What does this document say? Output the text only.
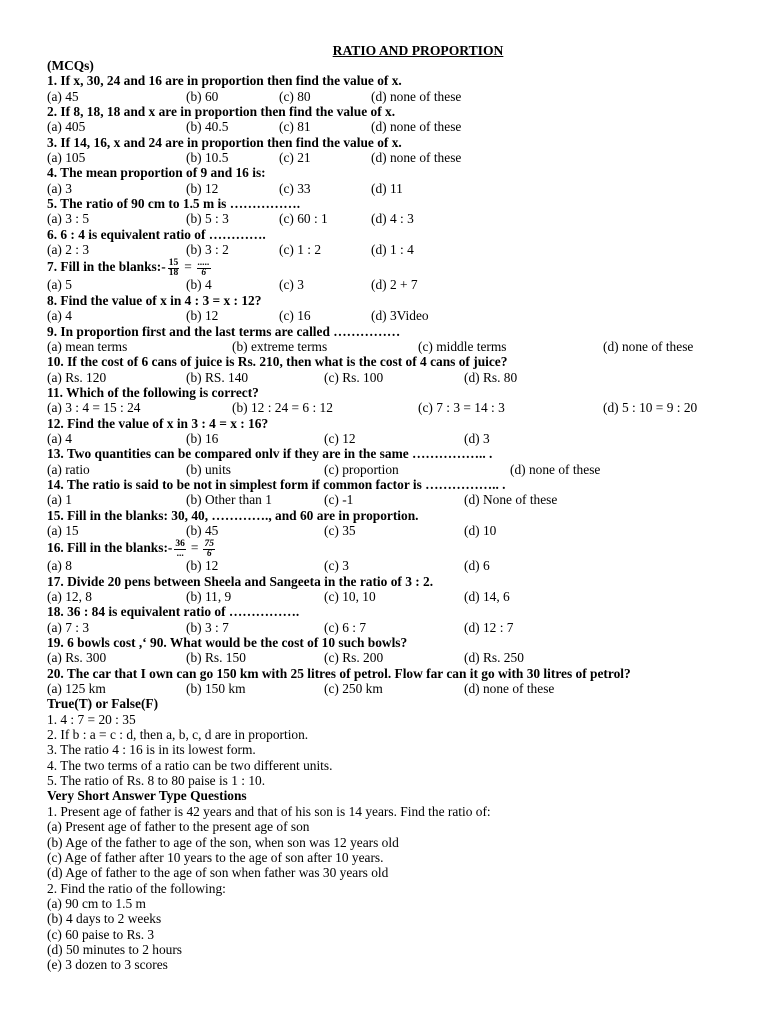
RATIO AND PROPORTION
(MCQs)
1. If x, 30, 24 and 16 are in proportion then find the value of x.
(a) 45	(b) 60	(c) 80	(d) none of these
2. If 8, 18, 18 and x are in proportion then find the value of x.
(a) 405	(b) 40.5	(c) 81	(d) none of these
3. If 14, 16, x and 24 are in proportion then find the value of x.
(a) 105	(b) 10.5	(c) 21	(d) none of these
4. The mean proportion of 9 and 16 is:
(a) 3	(b) 12	(c) 33	(d) 11
5. The ratio of 90 cm to 1.5 m is …………….
(a) 3 : 5	(b) 5 : 3	(c) 60 : 1	(d) 4 : 3
6. 6 : 4 is equivalent ratio of ………….
(a) 2 : 3	(b) 3 : 2	(c) 1 : 2	(d) 1 : 4
7. Fill in the blanks:- $\frac{15}{18} = \frac{.....}{6}$
(a) 5	(b) 4	(c) 3	(d) 2 + 7
8. Find the value of x in 4 : 3 = x : 12?
(a) 4	(b) 12	(c) 16	(d) 3Video
9. In proportion first and the last terms are called ……………
(a) mean terms	(b) extreme terms	(c) middle terms	(d) none of these
10. If the cost of 6 cans of juice is Rs. 210, then what is the cost of 4 cans of juice?
(a) Rs. 120	(b) RS. 140	(c) Rs. 100	(d) Rs. 80
11. Which of the following is correct?
(a) 3 : 4 = 15 : 24	(b) 12 : 24 = 6 : 12	(c) 7 : 3 = 14 : 3	(d) 5 : 10 = 9 : 20
12. Find the value of x in 3 : 4 = x : 16?
(a) 4	(b) 16	(c) 12	(d) 3
13. Two quantities can be compared onlv if they are in the same …………….. .
(a) ratio	(b) units	(c) proportion	(d) none of these
14. The ratio is said to be not in simplest form if common factor is …………….. .
(a) 1	(b) Other than 1	(c) -1	(d) None of these
15. Fill in the blanks: 30, 40, …………., and 60 are in proportion.
(a) 15	(b) 45	(c) 35	(d) 10
16. Fill in the blanks:- $\frac{36}{...} = \frac{75}{6}$
(a) 8	(b) 12	(c) 3	(d) 6
17. Divide 20 pens between Sheela and Sangeeta in the ratio of 3 : 2.
(a) 12, 8	(b) 11, 9	(c) 10, 10	(d) 14, 6
18. 36 : 84 is equivalent ratio of …………….
(a) 7 : 3	(b) 3 : 7	(c) 6 : 7	(d) 12 : 7
19. 6 bowls cost ,‘ 90. What would be the cost of 10 such bowls?
(a) Rs. 300	(b) Rs. 150	(c) Rs. 200	(d) Rs. 250
20. The car that I own can go 150 km with 25 litres of petrol. Flow far can it go with 30 litres of petrol?
(a) 125 km	(b) 150 km	(c) 250 km	(d) none of these
True(T) or False(F)
1. 4 : 7 = 20 : 35
2. If b : a = c : d, then a, b, c, d are in proportion.
3. The ratio 4 : 16 is in its lowest form.
4. The two terms of a ratio can be two different units.
5. The ratio of Rs. 8 to 80 paise is 1 : 10.
Very Short Answer Type Questions
1. Present age of father is 42 years and that of his son is 14 years. Find the ratio of:
(a) Present age of father to the present age of son
(b) Age of the father to age of the son, when son was 12 years old
(c) Age of father after 10 years to the age of son after 10 years.
(d) Age of father to the age of son when father was 30 years old
2. Find the ratio of the following:
(a) 90 cm to 1.5 m
(b) 4 days to 2 weeks
(c) 60 paise to Rs. 3
(d) 50 minutes to 2 hours
(e) 3 dozen to 3 scores
